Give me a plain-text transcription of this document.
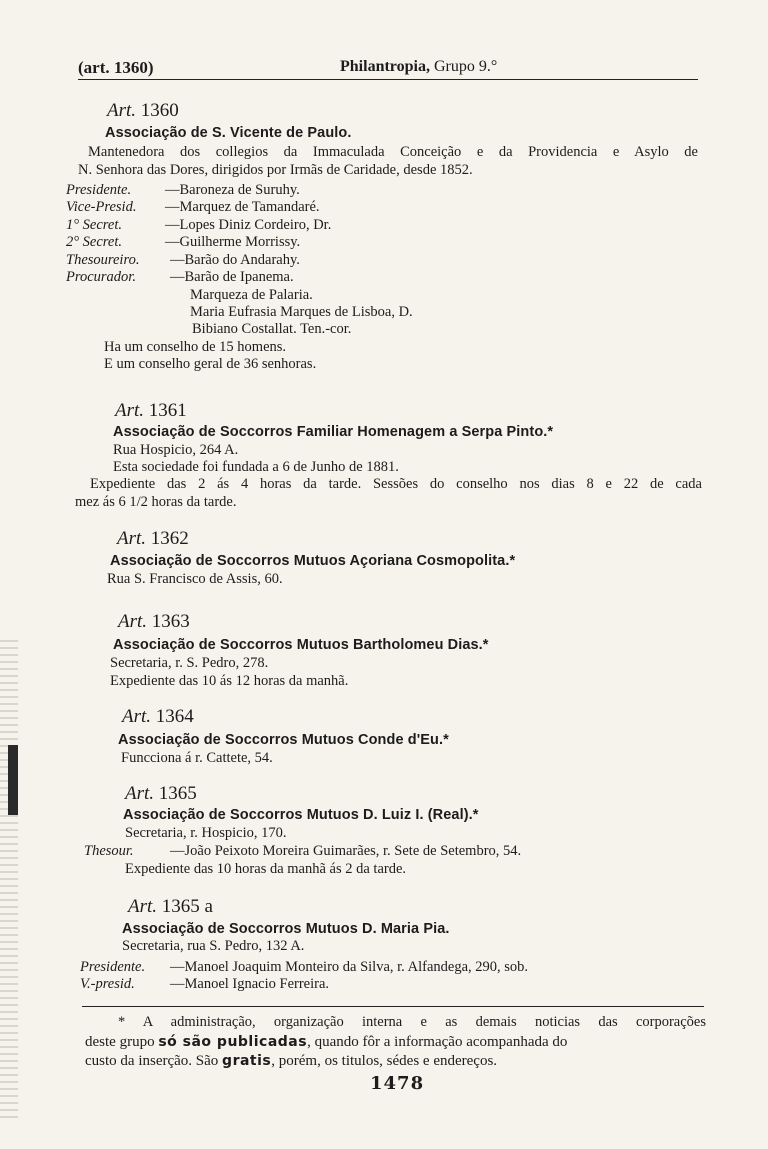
(art. 1360)	Philantropia, Grupo 9.°
Art. 1360
Associação de S. Vicente de Paulo.
Mantenedora dos collegios da Immaculada Conceição e da Providencia e Asylo de
N. Senhora das Dores, dirigidos por Irmãs de Caridade, desde 1852.
Presidente. —Baroneza de Suruhy.
Vice-Presid. —Marquez de Tamandaré.
1° Secret.	—Lopes Diniz Cordeiro, Dr.
2° Secret.	—Guilherme Morrissy.
Thesoureiro. —Barão do Andarahy.
Procurador. —Barão de Ipanema.
Marqueza de Palaria.
Maria Eufrasia Marques de Lisboa, D.
Bibiano Costallat. Ten.-cor.
Ha um conselho de 15 homens.
E um conselho geral de 36 senhoras.
Art. 1361
Associação de Soccorros Familiar Homenagem a Serpa Pinto.*
Rua Hospicio, 264 A.
Esta sociedade foi fundada a 6 de Junho de 1881.
Expediente das 2 ás 4 horas da tarde. Sessões do conselho nos dias 8 e 22 de cada
mez ás 6 1/2 horas da tarde.
Art. 1362
Associação de Soccorros Mutuos Açoriana Cosmopolita.*
Rua S. Francisco de Assis, 60.
Art. 1363
Associação de Soccorros Mutuos Bartholomeu Dias.*
Secretaria, r. S. Pedro, 278.
Expediente das 10 ás 12 horas da manhã.
Art. 1364
Associação de Soccorros Mutuos Conde d'Eu.*
Funcciona á r. Cattete, 54.
Art. 1365
Associação de Soccorros Mutuos D. Luiz I. (Real).*
Secretaria, r. Hospicio, 170.
Thesour.	—João Peixoto Moreira Guimarães, r. Sete de Setembro, 54.
Expediente das 10 horas da manhã ás 2 da tarde.
Art. 1365 a
Associação de Soccorros Mutuos D. Maria Pia.
Secretaria, rua S. Pedro, 132 A.
Presidente. —Manoel Joaquim Monteiro da Silva, r. Alfandega, 290, sob.
V.-presid. —Manoel Ignacio Ferreira.
* A administração, organização interna e as demais noticias das corporações
deste grupo só são publicadas, quando fôr a informação acompanhada do
custo da inserção. São gratis, porém, os titulos, sédes e endereços.
1478
